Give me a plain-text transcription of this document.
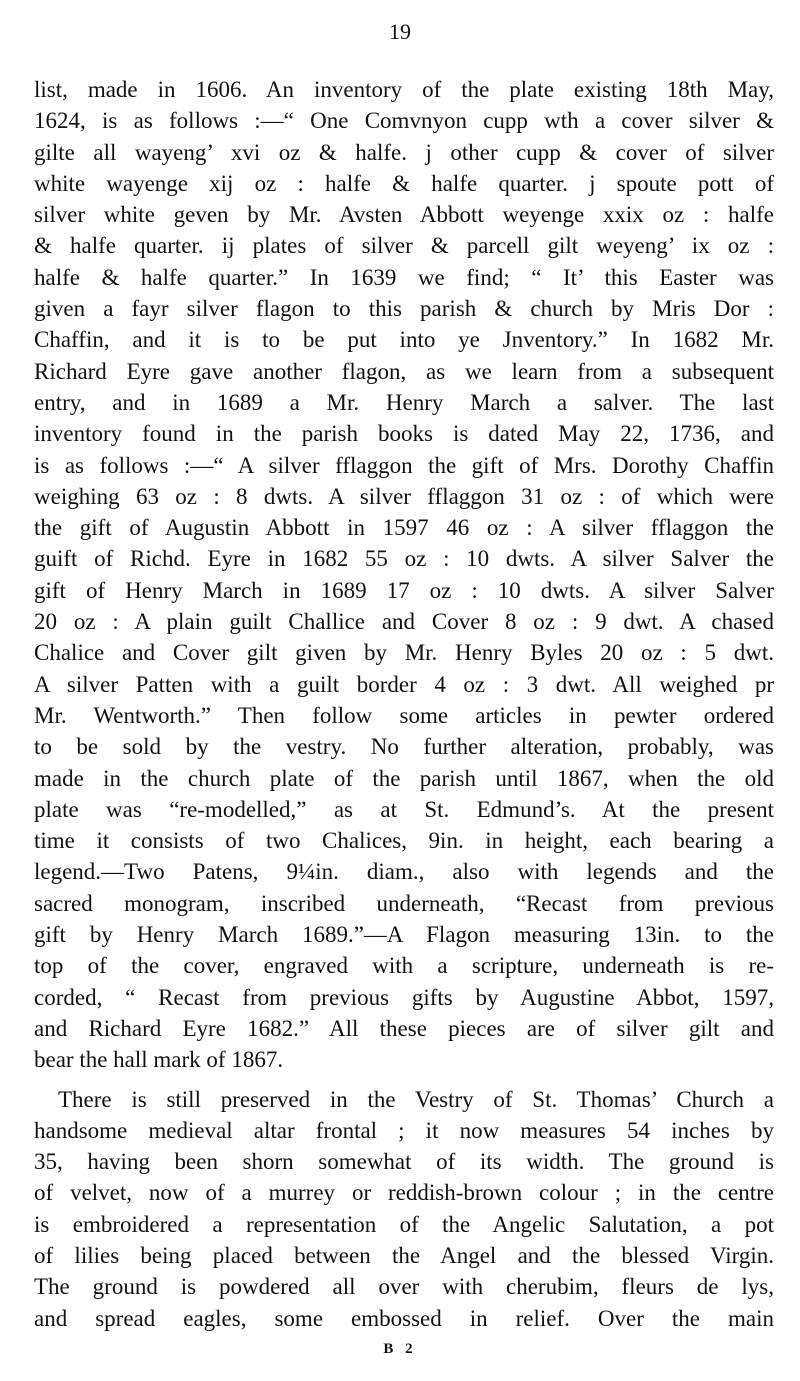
19
list, made in 1606. An inventory of the plate existing 18th May,
1624, is as follows :—“ One Comvnyon cupp wth a cover silver &
gilte all wayeng’ xvi oz & halfe. j other cupp & cover of silver
white wayenge xij oz : halfe & halfe quarter. j spoute pott of
silver white geven by Mr. Avsten Abbott weyenge xxix oz : halfe
& halfe quarter. ij plates of silver & parcell gilt weyeng’ ix oz :
halfe & halfe quarter.” In 1639 we find; “ It’ this Easter was
given a fayr silver flagon to this parish & church by Mris Dor :
Chaffin, and it is to be put into ye Jnventory.” In 1682 Mr.
Richard Eyre gave another flagon, as we learn from a subsequent
entry, and in 1689 a Mr. Henry March a salver. The last
inventory found in the parish books is dated May 22, 1736, and
is as follows :—“ A silver fflaggon the gift of Mrs. Dorothy Chaffin
weighing 63 oz : 8 dwts. A silver fflaggon 31 oz : of which were
the gift of Augustin Abbott in 1597 46 oz : A silver fflaggon the
guift of Richd. Eyre in 1682 55 oz : 10 dwts. A silver Salver the
gift of Henry March in 1689 17 oz : 10 dwts. A silver Salver
20 oz : A plain guilt Challice and Cover 8 oz : 9 dwt. A chased
Chalice and Cover gilt given by Mr. Henry Byles 20 oz : 5 dwt.
A silver Patten with a guilt border 4 oz : 3 dwt. All weighed pr
Mr. Wentworth.” Then follow some articles in pewter ordered
to be sold by the vestry. No further alteration, probably, was
made in the church plate of the parish until 1867, when the old
plate was “re-modelled,” as at St. Edmund’s. At the present
time it consists of two Chalices, 9in. in height, each bearing a
legend.—Two Patens, 9¼in. diam., also with legends and the
sacred monogram, inscribed underneath, “Recast from previous
gift by Henry March 1689.”—A Flagon measuring 13in. to the
top of the cover, engraved with a scripture, underneath is re-
corded, “ Recast from previous gifts by Augustine Abbot, 1597,
and Richard Eyre 1682.” All these pieces are of silver gilt and
bear the hall mark of 1867.
There is still preserved in the Vestry of St. Thomas’ Church a
handsome medieval altar frontal ; it now measures 54 inches by
35, having been shorn somewhat of its width. The ground is
of velvet, now of a murrey or reddish-brown colour ; in the centre
is embroidered a representation of the Angelic Salutation, a pot
of lilies being placed between the Angel and the blessed Virgin.
The ground is powdered all over with cherubim, fleurs de lys,
and spread eagles, some embossed in relief. Over the main
B 2
